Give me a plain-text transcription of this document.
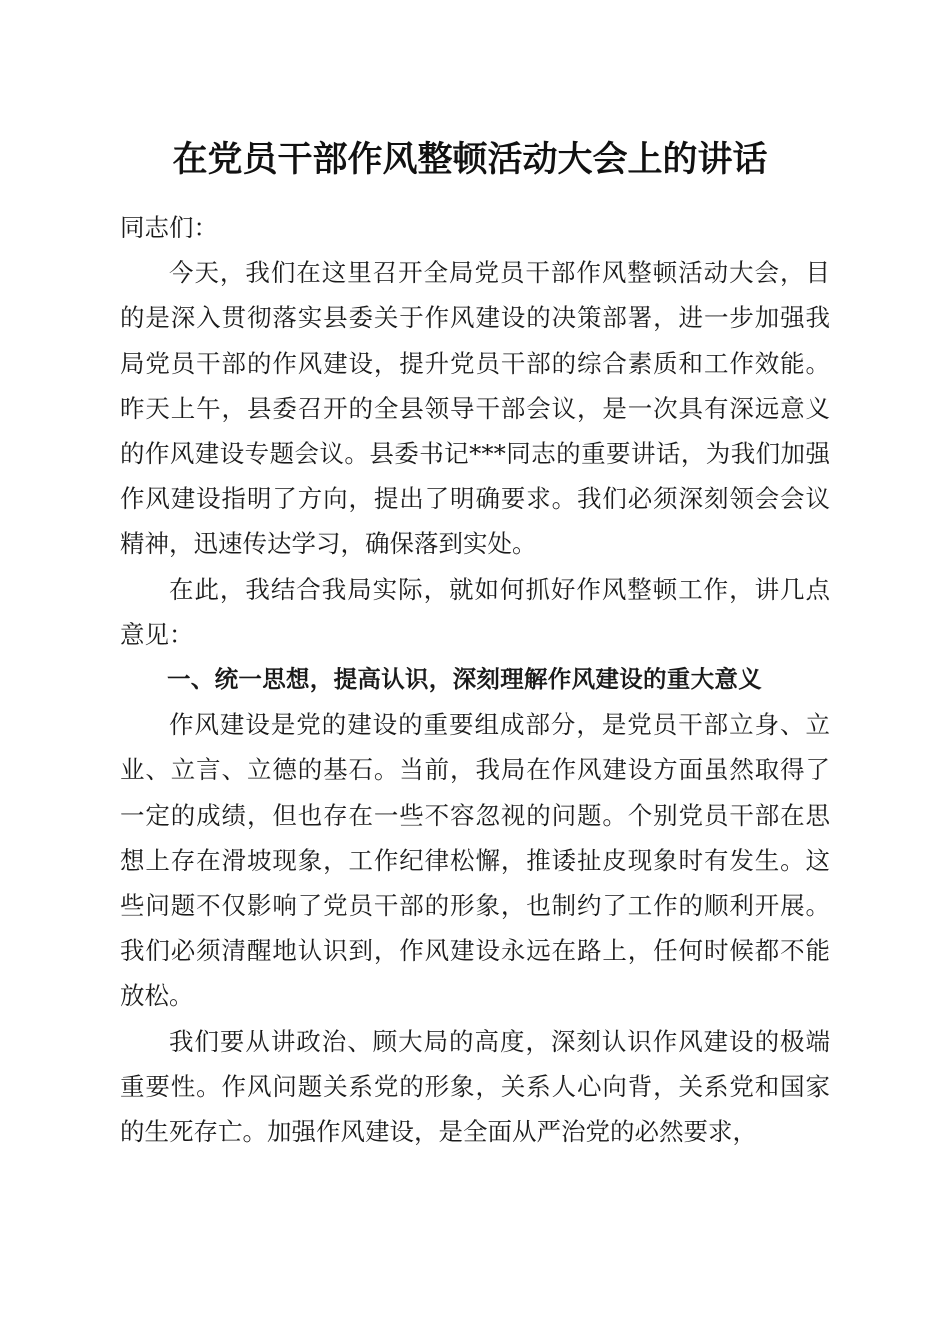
在党员干部作风整顿活动大会上的讲话

同志们：

今天，我们在这里召开全局党员干部作风整顿活动大会，目的是深入贯彻落实县委关于作风建设的决策部署，进一步加强我局党员干部的作风建设，提升党员干部的综合素质和工作效能。昨天上午，县委召开的全县领导干部会议，是一次具有深远意义的作风建设专题会议。县委书记***同志的重要讲话，为我们加强作风建设指明了方向，提出了明确要求。我们必须深刻领会会议精神，迅速传达学习，确保落到实处。

在此，我结合我局实际，就如何抓好作风整顿工作，讲几点意见：

一、统一思想，提高认识，深刻理解作风建设的重大意义

作风建设是党的建设的重要组成部分，是党员干部立身、立业、立言、立德的基石。当前，我局在作风建设方面虽然取得了一定的成绩，但也存在一些不容忽视的问题。个别党员干部在思想上存在滑坡现象，工作纪律松懈，推诿扯皮现象时有发生。这些问题不仅影响了党员干部的形象，也制约了工作的顺利开展。我们必须清醒地认识到，作风建设永远在路上，任何时候都不能放松。

我们要从讲政治、顾大局的高度，深刻认识作风建设的极端重要性。作风问题关系党的形象，关系人心向背，关系党和国家的生死存亡。加强作风建设，是全面从严治党的必然要求，
